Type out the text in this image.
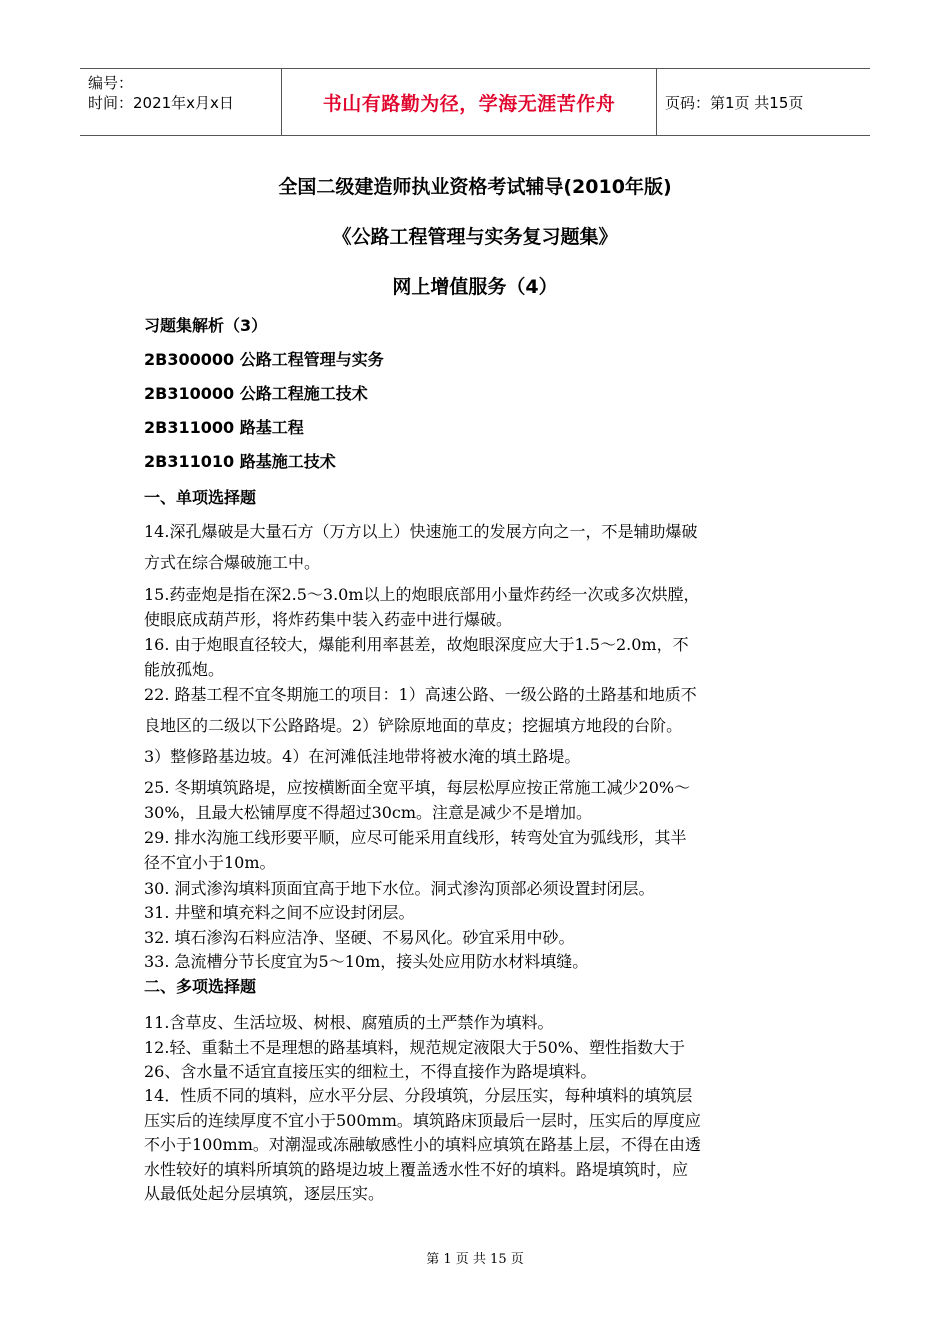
编号：
时间：2021年x月x日	书山有路勤为径，学海无涯苦作舟	页码：第1页 共15页
全国二级建造师执业资格考试辅导(2010年版)
《公路工程管理与实务复习题集》
网上增值服务（4）
习题集解析（3）
2B300000 公路工程管理与实务
2B310000 公路工程施工技术
2B311000 路基工程
2B311010 路基施工技术
一、单项选择题
14.深孔爆破是大量石方（万方以上）快速施工的发展方向之一，不是辅助爆破
方式在综合爆破施工中。
15.药壶炮是指在深2.5～3.0m以上的炮眼底部用小量炸药经一次或多次烘膛，
使眼底成葫芦形，将炸药集中装入药壶中进行爆破。
16. 由于炮眼直径较大，爆能利用率甚差，故炮眼深度应大于1.5～2.0m，不
能放孤炮。
22. 路基工程不宜冬期施工的项目：1）高速公路、一级公路的土路基和地质不
良地区的二级以下公路路堤。2）铲除原地面的草皮；挖掘填方地段的台阶。
3）整修路基边坡。4）在河滩低洼地带将被水淹的填土路堤。
25. 冬期填筑路堤，应按横断面全宽平填，每层松厚应按正常施工减少20%～
30%，且最大松铺厚度不得超过30cm。注意是减少不是增加。
29. 排水沟施工线形要平顺，应尽可能采用直线形，转弯处宜为弧线形，其半
径不宜小于10m。
30. 洞式渗沟填料顶面宜高于地下水位。洞式渗沟顶部必须设置封闭层。
31. 井壁和填充料之间不应设封闭层。
32. 填石渗沟石料应洁净、坚硬、不易风化。砂宜采用中砂。
33. 急流槽分节长度宜为5～10m，接头处应用防水材料填缝。
二、多项选择题
11.含草皮、生活垃圾、树根、腐殖质的土严禁作为填料。
12.轻、重黏土不是理想的路基填料，规范规定液限大于50%、塑性指数大于
26、含水量不适宜直接压实的细粒土，不得直接作为路堤填料。
14．性质不同的填料，应水平分层、分段填筑，分层压实，每种填料的填筑层
压实后的连续厚度不宜小于500mm。填筑路床顶最后一层时，压实后的厚度应
不小于100mm。对潮湿或冻融敏感性小的填料应填筑在路基上层，不得在由透
水性较好的填料所填筑的路堤边坡上覆盖透水性不好的填料。路堤填筑时，应
从最低处起分层填筑，逐层压实。
第 1 页 共 15 页
